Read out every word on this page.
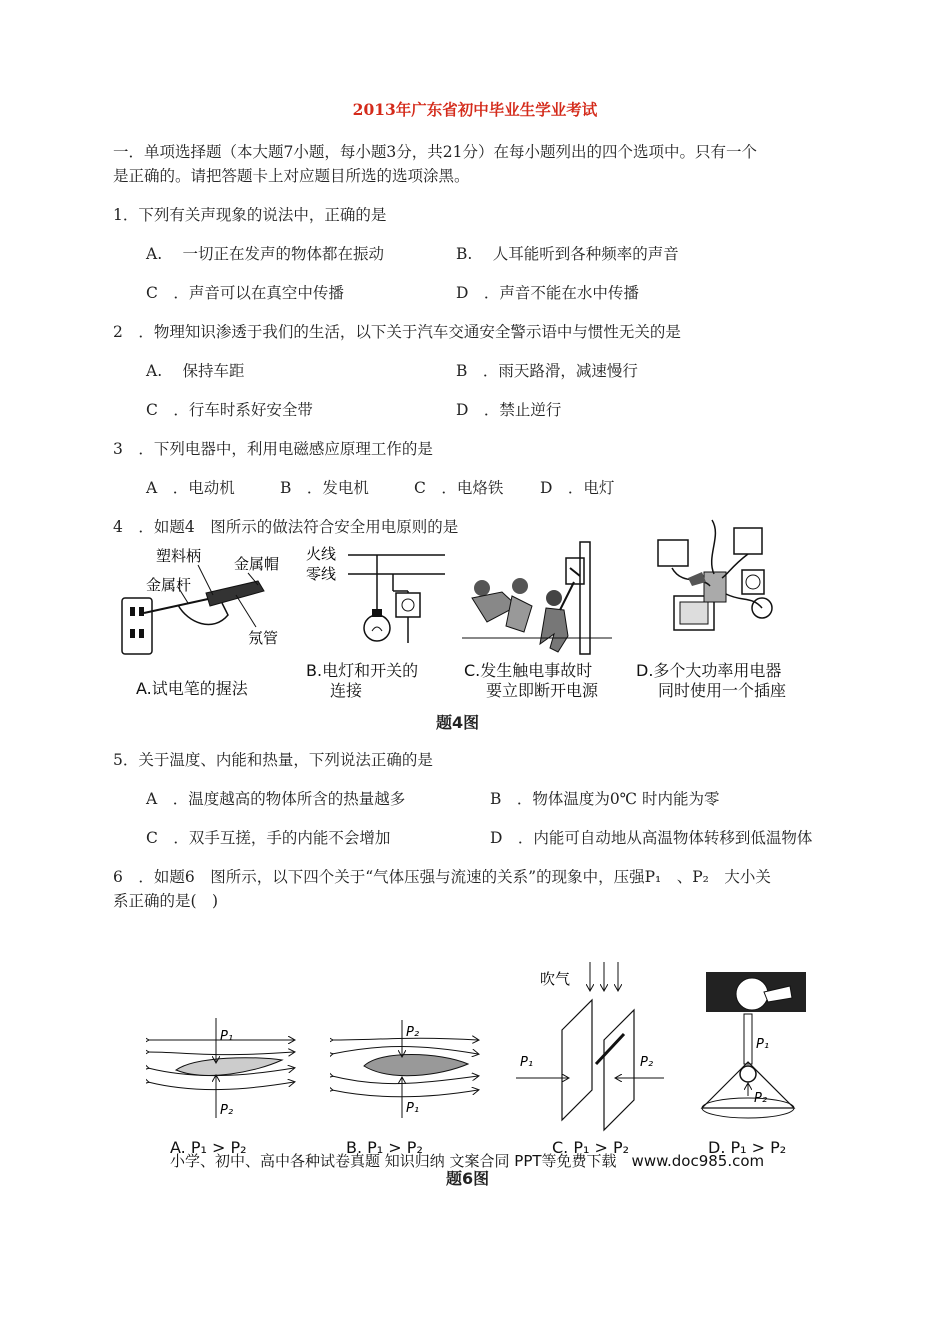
2013年广东省初中毕业生学业考试
一．单项选择题（本大题7小题，每小题3分，共21分）在每小题列出的四个选项中。只有一个
是正确的。请把答题卡上对应题目所选的选项涂黑。
1．下列有关声现象的说法中，正确的是
A.　 一切正在发声的物体都在振动	B.　 人耳能听到各种频率的声音
C　．声音可以在真空中传播	D　．声音不能在水中传播
2　．物理知识渗透于我们的生活，以下关于汽车交通安全警示语中与惯性无关的是
A.　 保持车距	B　．雨天路滑，减速慢行
C　．行车时系好安全带	D　．禁止逆行
3　．下列电器中，利用电磁感应原理工作的是
A　．电动机	B　．发电机	C　．电烙铁 D　．电灯
4　．如题4　图所示的做法符合安全用电原则的是
塑料柄 金属帽
金属杆
氖管
A.试电笔的握法
火线
零线
B.电灯和开关的
连接
C.发生触电事故时
要立即断开电源
D.多个大功率用电器
同时使用一个插座
题4图
5．关于温度、内能和热量，下列说法正确的是
A　．温度越高的物体所含的热量越多	B　．物体温度为0℃ 时内能为零
C　．双手互搓，手的内能不会增加	D　．内能可自动地从高温物体转移到低温物体
6　．如题6　图所示，以下四个关于“气体压强与流速的关系”的现象中，压强P₁　、P₂　大小关
系正确的是(　)
P₁
P₂
A. P₁ > P₂
P₂
P₁
B. P₁ > P₂
吹气
P₁	P₂
C. P₁ > P₂
P₁
P₂
D. P₁ > P₂
题6图
小学、初中、高中各种试卷真题 知识归纳 文案合同 PPT等免费下载　www.doc985.com
